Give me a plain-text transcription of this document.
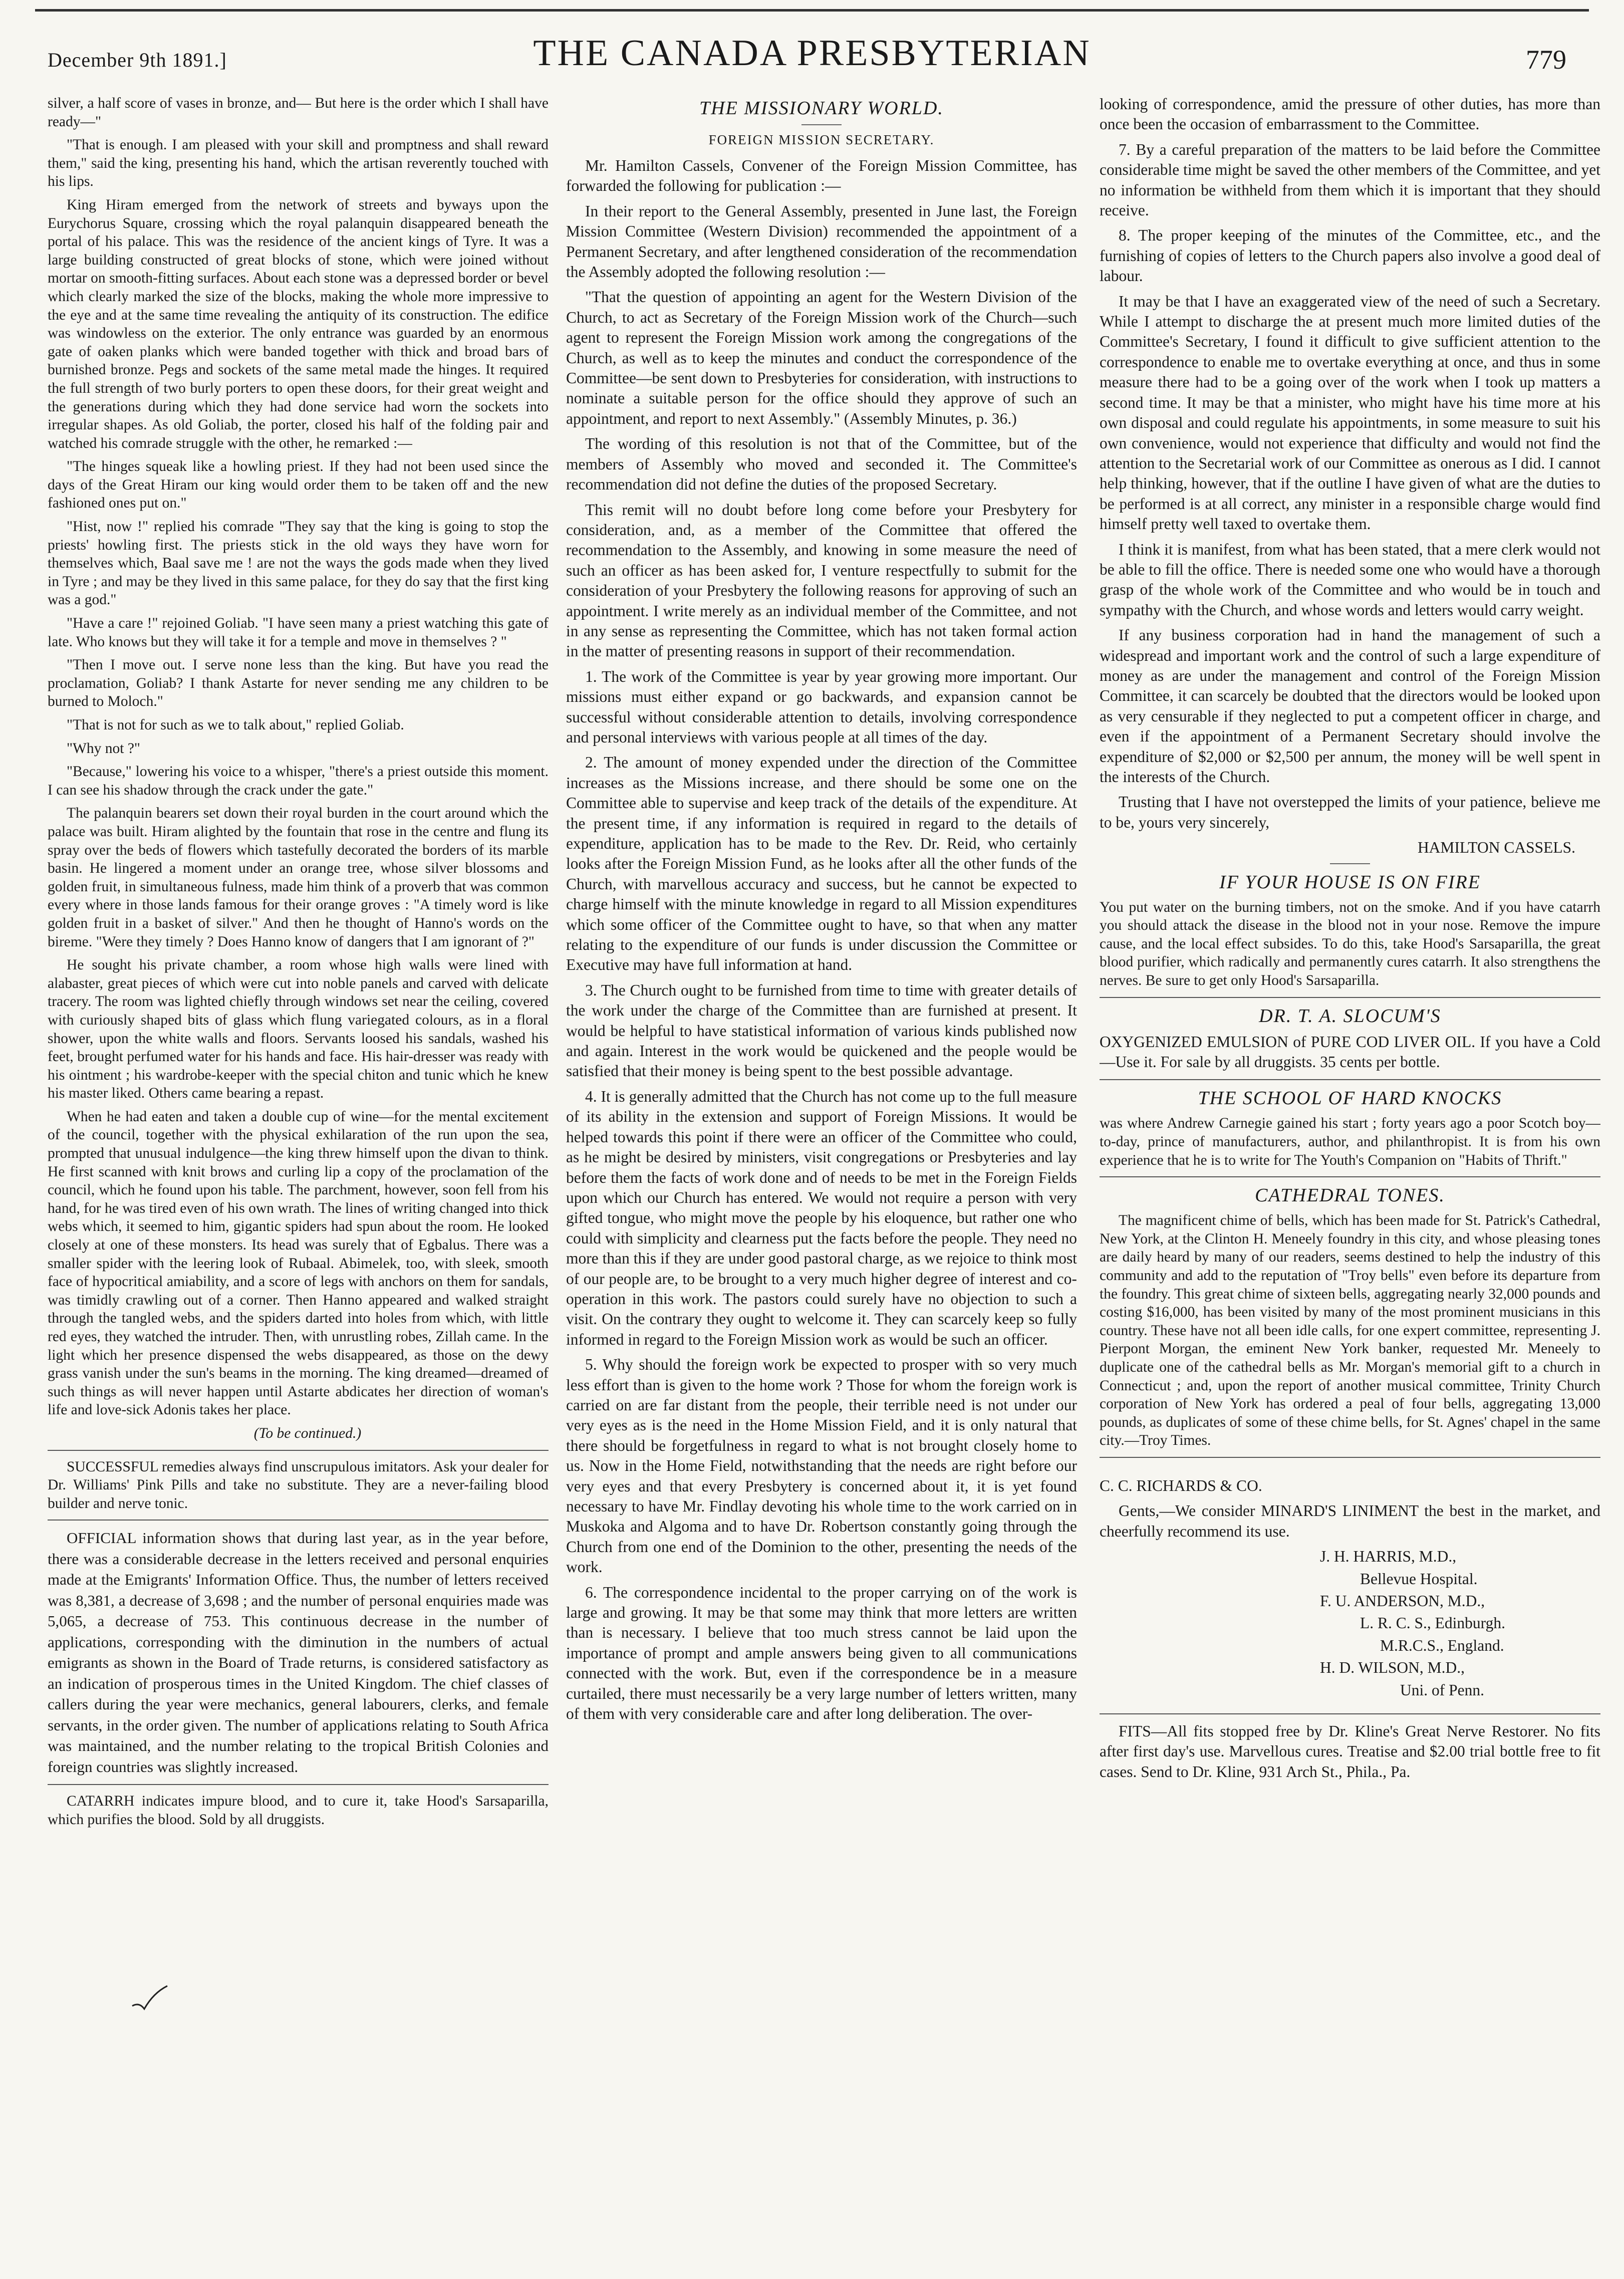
December 9th 1891.]	THE CANADA PRESBYTERIAN	779

silver, a half score of vases in bronze, and— But here is the order which I shall have ready—"

"That is enough. I am pleased with your skill and promptness and shall reward them," said the king, presenting his hand, which the artisan reverently touched with his lips.

King Hiram emerged from the network of streets and byways upon the Eurychorus Square, crossing which the royal palanquin disappeared beneath the portal of his palace. This was the residence of the ancient kings of Tyre. It was a large building constructed of great blocks of stone, which were joined without mortar on smooth-fitting surfaces. About each stone was a depressed border or bevel which clearly marked the size of the blocks, making the whole more impressive to the eye and at the same time revealing the antiquity of its construction. The edifice was windowless on the exterior. The only entrance was guarded by an enormous gate of oaken planks which were banded together with thick and broad bars of burnished bronze. Pegs and sockets of the same metal made the hinges. It required the full strength of two burly porters to open these doors, for their great weight and the generations during which they had done service had worn the sockets into irregular shapes. As old Goliab, the porter, closed his half of the folding pair and watched his comrade struggle with the other, he remarked :—

"The hinges squeak like a howling priest. If they had not been used since the days of the Great Hiram our king would order them to be taken off and the new fashioned ones put on."

"Hist, now !" replied his comrade "They say that the king is going to stop the priests' howling first. The priests stick in the old ways they have worn for themselves which, Baal save me ! are not the ways the gods made when they lived in Tyre ; and may be they lived in this same palace, for they do say that the first king was a god."

"Have a care !" rejoined Goliab. "I have seen many a priest watching this gate of late. Who knows but they will take it for a temple and move in themselves ? "

"Then I move out. I serve none less than the king. But have you read the proclamation, Goliab? I thank Astarte for never sending me any children to be burned to Moloch."

"That is not for such as we to talk about," replied Goliab.

"Why not ?"

"Because," lowering his voice to a whisper, "there's a priest outside this moment. I can see his shadow through the crack under the gate."

The palanquin bearers set down their royal burden in the court around which the palace was built. Hiram alighted by the fountain that rose in the centre and flung its spray over the beds of flowers which tastefully decorated the borders of its marble basin. He lingered a moment under an orange tree, whose silver blossoms and golden fruit, in simultaneous fulness, made him think of a proverb that was common every where in those lands famous for their orange groves : "A timely word is like golden fruit in a basket of silver." And then he thought of Hanno's words on the bireme. "Were they timely ? Does Hanno know of dangers that I am ignorant of ?"

He sought his private chamber, a room whose high walls were lined with alabaster, great pieces of which were cut into noble panels and carved with delicate tracery. The room was lighted chiefly through windows set near the ceiling, covered with curiously shaped bits of glass which flung variegated colours, as in a floral shower, upon the white walls and floors. Servants loosed his sandals, washed his feet, brought perfumed water for his hands and face. His hair-dresser was ready with his ointment ; his wardrobe-keeper with the special chiton and tunic which he knew his master liked. Others came bearing a repast.

When he had eaten and taken a double cup of wine—for the mental excitement of the council, together with the physical exhilaration of the run upon the sea, prompted that unusual indulgence—the king threw himself upon the divan to think. He first scanned with knit brows and curling lip a copy of the proclamation of the council, which he found upon his table. The parchment, however, soon fell from his hand, for he was tired even of his own wrath. The lines of writing changed into thick webs which, it seemed to him, gigantic spiders had spun about the room. He looked closely at one of these monsters. Its head was surely that of Egbalus. There was a smaller spider with the leering look of Rubaal. Abimelek, too, with sleek, smooth face of hypocritical amiability, and a score of legs with anchors on them for sandals, was timidly crawling out of a corner. Then Hanno appeared and walked straight through the tangled webs, and the spiders darted into holes from which, with little red eyes, they watched the intruder. Then, with unrustling robes, Zillah came. In the light which her presence dispensed the webs disappeared, as those on the dewy grass vanish under the sun's beams in the morning. The king dreamed—dreamed of such things as will never happen until Astarte abdicates her direction of woman's life and love-sick Adonis takes her place.

(To be continued.)

SUCCESSFUL remedies always find unscrupulous imitators. Ask your dealer for Dr. Williams' Pink Pills and take no substitute. They are a never-failing blood builder and nerve tonic.

OFFICIAL information shows that during last year, as in the year before, there was a considerable decrease in the letters received and personal enquiries made at the Emigrants' Information Office. Thus, the number of letters received was 8,381, a decrease of 3,698 ; and the number of personal enquiries made was 5,065, a decrease of 753. This continuous decrease in the number of applications, corresponding with the diminution in the numbers of actual emigrants as shown in the Board of Trade returns, is considered satisfactory as an indication of prosperous times in the United Kingdom. The chief classes of callers during the year were mechanics, general labourers, clerks, and female servants, in the order given. The number of applications relating to South Africa was maintained, and the number relating to the tropical British Colonies and foreign countries was slightly increased.

CATARRH indicates impure blood, and to cure it, take Hood's Sarsaparilla, which purifies the blood. Sold by all druggists.

THE MISSIONARY WORLD.
FOREIGN MISSION SECRETARY.

Mr. Hamilton Cassels, Convener of the Foreign Mission Committee, has forwarded the following for publication :—

In their report to the General Assembly, presented in June last, the Foreign Mission Committee (Western Division) recommended the appointment of a Permanent Secretary, and after lengthened consideration of the recommendation the Assembly adopted the following resolution :—

"That the question of appointing an agent for the Western Division of the Church, to act as Secretary of the Foreign Mission work of the Church—such agent to represent the Foreign Mission work among the congregations of the Church, as well as to keep the minutes and conduct the correspondence of the Committee—be sent down to Presbyteries for consideration, with instructions to nominate a suitable person for the office should they approve of such an appointment, and report to next Assembly." (Assembly Minutes, p. 36.)

The wording of this resolution is not that of the Committee, but of the members of Assembly who moved and seconded it. The Committee's recommendation did not define the duties of the proposed Secretary.

This remit will no doubt before long come before your Presbytery for consideration, and, as a member of the Committee that offered the recommendation to the Assembly, and knowing in some measure the need of such an officer as has been asked for, I venture respectfully to submit for the consideration of your Presbytery the following reasons for approving of such an appointment. I write merely as an individual member of the Committee, and not in any sense as representing the Committee, which has not taken formal action in the matter of presenting reasons in support of their recommendation.

1. The work of the Committee is year by year growing more important. Our missions must either expand or go backwards, and expansion cannot be successful without considerable attention to details, involving correspondence and personal interviews with various people at all times of the day.

2. The amount of money expended under the direction of the Committee increases as the Missions increase, and there should be some one on the Committee able to supervise and keep track of the details of the expenditure. At the present time, if any information is required in regard to the details of expenditure, application has to be made to the Rev. Dr. Reid, who certainly looks after the Foreign Mission Fund, as he looks after all the other funds of the Church, with marvellous accuracy and success, but he cannot be expected to charge himself with the minute knowledge in regard to all Mission expenditures which some officer of the Committee ought to have, so that when any matter relating to the expenditure of our funds is under discussion the Committee or Executive may have full information at hand.

3. The Church ought to be furnished from time to time with greater details of the work under the charge of the Committee than are furnished at present. It would be helpful to have statistical information of various kinds published now and again. Interest in the work would be quickened and the people would be satisfied that their money is being spent to the best possible advantage.

4. It is generally admitted that the Church has not come up to the full measure of its ability in the extension and support of Foreign Missions. It would be helped towards this point if there were an officer of the Committee who could, as he might be desired by ministers, visit congregations or Presbyteries and lay before them the facts of work done and of needs to be met in the Foreign Fields upon which our Church has entered. We would not require a person with very gifted tongue, who might move the people by his eloquence, but rather one who could with simplicity and clearness put the facts before the people. They need no more than this if they are under good pastoral charge, as we rejoice to think most of our people are, to be brought to a very much higher degree of interest and co-operation in this work. The pastors could surely have no objection to such a visit. On the contrary they ought to welcome it. They can scarcely keep so fully informed in regard to the Foreign Mission work as would be such an officer.

5. Why should the foreign work be expected to prosper with so very much less effort than is given to the home work ? Those for whom the foreign work is carried on are far distant from the people, their terrible need is not under our very eyes as is the need in the Home Mission Field, and it is only natural that there should be forgetfulness in regard to what is not brought closely home to us. Now in the Home Field, notwithstanding that the needs are right before our very eyes and that every Presbytery is concerned about it, it is yet found necessary to have Mr. Findlay devoting his whole time to the work carried on in Muskoka and Algoma and to have Dr. Robertson constantly going through the Church from one end of the Dominion to the other, presenting the needs of the work.

6. The correspondence incidental to the proper carrying on of the work is large and growing. It may be that some may think that more letters are written than is necessary. I believe that too much stress cannot be laid upon the importance of prompt and ample answers being given to all communications connected with the work. But, even if the correspondence be in a measure curtailed, there must necessarily be a very large number of letters written, many of them with very considerable care and after long deliberation. The over-

looking of correspondence, amid the pressure of other duties, has more than once been the occasion of embarrassment to the Committee.

7. By a careful preparation of the matters to be laid before the Committee considerable time might be saved the other members of the Committee, and yet no information be withheld from them which it is important that they should receive.

8. The proper keeping of the minutes of the Committee, etc., and the furnishing of copies of letters to the Church papers also involve a good deal of labour.

It may be that I have an exaggerated view of the need of such a Secretary. While I attempt to discharge the at present much more limited duties of the Committee's Secretary, I found it difficult to give sufficient attention to the correspondence to enable me to overtake everything at once, and thus in some measure there had to be a going over of the work when I took up matters a second time. It may be that a minister, who might have his time more at his own disposal and could regulate his appointments, in some measure to suit his own convenience, would not experience that difficulty and would not find the attention to the Secretarial work of our Committee as onerous as I did. I cannot help thinking, however, that if the outline I have given of what are the duties to be performed is at all correct, any minister in a responsible charge would find himself pretty well taxed to overtake them.

I think it is manifest, from what has been stated, that a mere clerk would not be able to fill the office. There is needed some one who would have a thorough grasp of the whole work of the Committee and who would be in touch and sympathy with the Church, and whose words and letters would carry weight.

If any business corporation had in hand the management of such a widespread and important work and the control of such a large expenditure of money as are under the management and control of the Foreign Mission Committee, it can scarcely be doubted that the directors would be looked upon as very censurable if they neglected to put a competent officer in charge, and even if the appointment of a Permanent Secretary should involve the expenditure of $2,000 or $2,500 per annum, the money will be well spent in the interests of the Church.

Trusting that I have not overstepped the limits of your patience, believe me to be, yours very sincerely,

HAMILTON CASSELS.

IF YOUR HOUSE IS ON FIRE

You put water on the burning timbers, not on the smoke. And if you have catarrh you should attack the disease in the blood not in your nose. Remove the impure cause, and the local effect subsides. To do this, take Hood's Sarsaparilla, the great blood purifier, which radically and permanently cures catarrh. It also strengthens the nerves. Be sure to get only Hood's Sarsaparilla.

DR. T. A. SLOCUM'S

OXYGENIZED EMULSION of PURE COD LIVER OIL. If you have a Cold—Use it. For sale by all druggists. 35 cents per bottle.

THE SCHOOL OF HARD KNOCKS

was where Andrew Carnegie gained his start ; forty years ago a poor Scotch boy—to-day, prince of manufacturers, author, and philanthropist. It is from his own experience that he is to write for The Youth's Companion on "Habits of Thrift."

CATHEDRAL TONES.

The magnificent chime of bells, which has been made for St. Patrick's Cathedral, New York, at the Clinton H. Meneely foundry in this city, and whose pleasing tones are daily heard by many of our readers, seems destined to help the industry of this community and add to the reputation of "Troy bells" even before its departure from the foundry. This great chime of sixteen bells, aggregating nearly 32,000 pounds and costing $16,000, has been visited by many of the most prominent musicians in this country. These have not all been idle calls, for one expert committee, representing J. Pierpont Morgan, the eminent New York banker, requested Mr. Meneely to duplicate one of the cathedral bells as Mr. Morgan's memorial gift to a church in Connecticut ; and, upon the report of another musical committee, Trinity Church corporation of New York has ordered a peal of four bells, aggregating 13,000 pounds, as duplicates of some of these chime bells, for St. Agnes' chapel in the same city.—Troy Times.

C. C. RICHARDS & CO.

Gents,—We consider MINARD'S LINIMENT the best in the market, and cheerfully recommend its use.

J. H. HARRIS, M.D.,

Bellevue Hospital.

F. U. ANDERSON, M.D.,

L. R. C. S., Edinburgh.

M.R.C.S., England.

H. D. WILSON, M.D.,

Uni. of Penn.

FITS—All fits stopped free by Dr. Kline's Great Nerve Restorer. No fits after first day's use. Marvellous cures. Treatise and $2.00 trial bottle free to fit cases. Send to Dr. Kline, 931 Arch St., Phila., Pa.
